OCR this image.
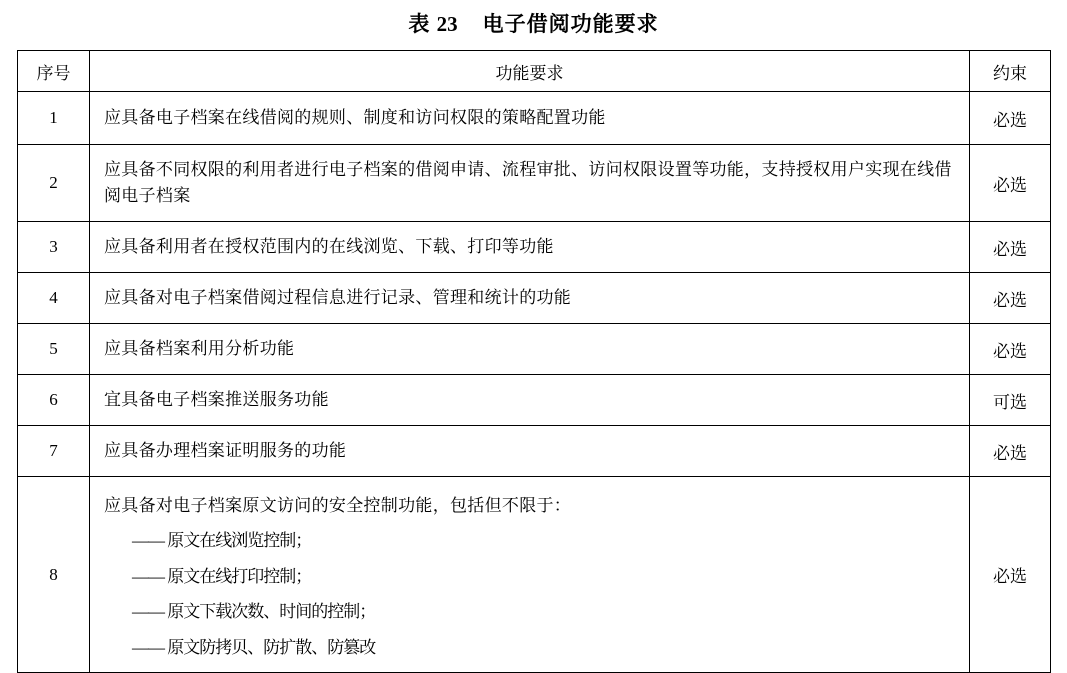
表 23 电子借阅功能要求
序号	功能要求	约束
1	应具备电子档案在线借阅的规则、制度和访问权限的策略配置功能	必选
2	应具备不同权限的利用者进行电子档案的借阅申请、流程审批、访问权限设置等功能，支持授权用户实现在线借阅电子档案	必选
3	应具备利用者在授权范围内的在线浏览、下载、打印等功能	必选
4	应具备对电子档案借阅过程信息进行记录、管理和统计的功能	必选
5	应具备档案利用分析功能	必选
6	宜具备电子档案推送服务功能	可选
7	应具备办理档案证明服务的功能	必选
8	应具备对电子档案原文访问的安全控制功能，包括但不限于：
—— 原文在线浏览控制；
—— 原文在线打印控制；
—— 原文下载次数、时间的控制；
—— 原文防拷贝、防扩散、防篡改	必选
